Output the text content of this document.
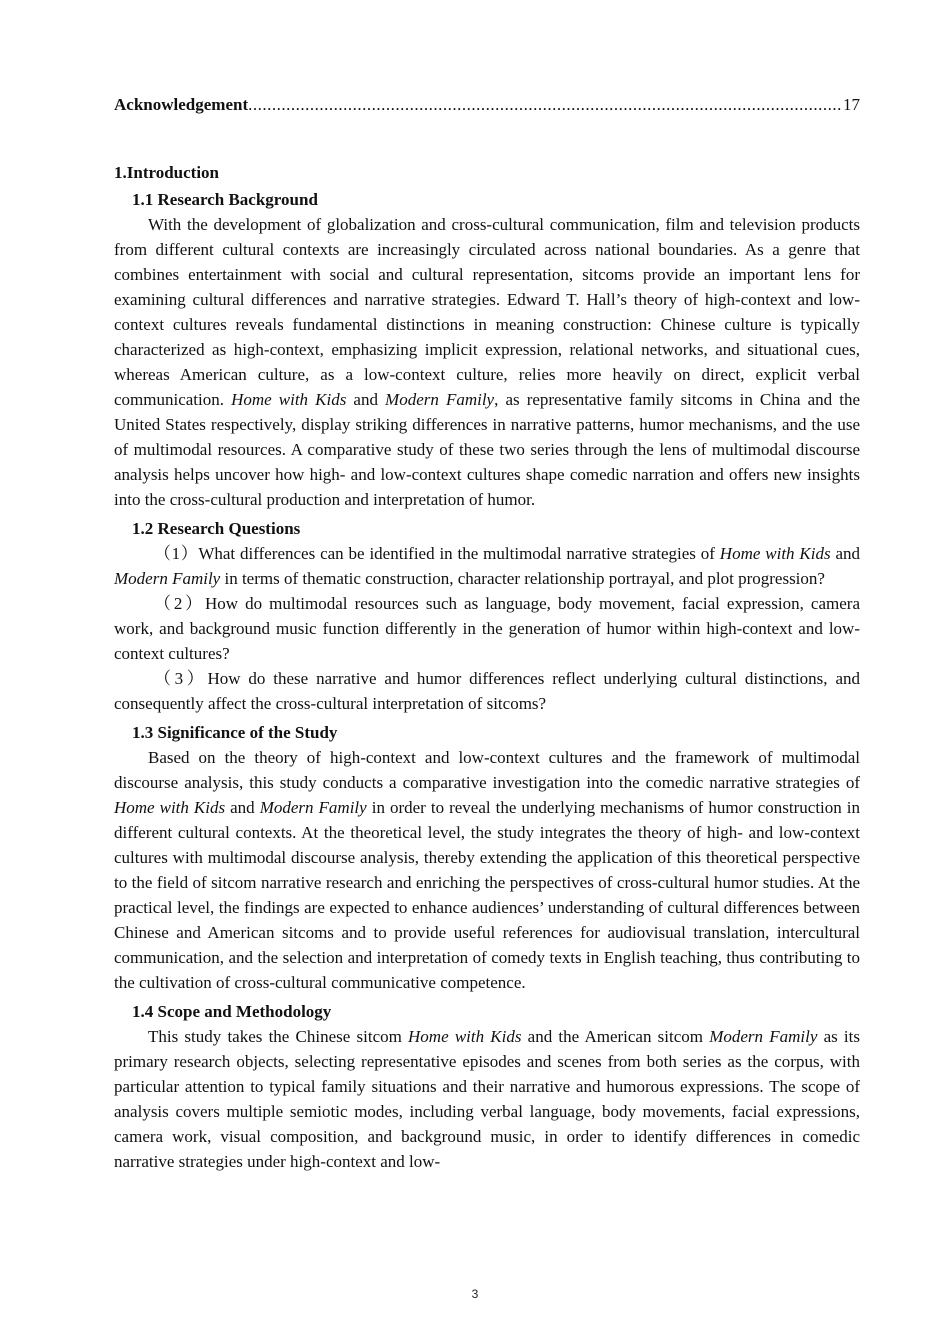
Acknowledgement
.....	17

1.Introduction

1.1 Research Background

With the development of globalization and cross-cultural communication, film and television products from different cultural contexts are increasingly circulated across national boundaries. As a genre that combines entertainment with social and cultural representation, sitcoms provide an important lens for examining cultural differences and narrative strategies. Edward T. Hall’s theory of high-context and low-context cultures reveals fundamental distinctions in meaning construction: Chinese culture is typically characterized as high-context, emphasizing implicit expression, relational networks, and situational cues, whereas American culture, as a low-context culture, relies more heavily on direct, explicit verbal communication. Home with Kids and Modern Family, as representative family sitcoms in China and the United States respectively, display striking differences in narrative patterns, humor mechanisms, and the use of multimodal resources. A comparative study of these two series through the lens of multimodal discourse analysis helps uncover how high- and low-context cultures shape comedic narration and offers new insights into the cross-cultural production and interpretation of humor.

1.2 Research Questions

（1）What differences can be identified in the multimodal narrative strategies of Home with Kids and Modern Family in terms of thematic construction, character relationship portrayal, and plot progression?

（2）How do multimodal resources such as language, body movement, facial expression, camera work, and background music function differently in the generation of humor within high-context and low-context cultures?

（3）How do these narrative and humor differences reflect underlying cultural distinctions, and consequently affect the cross-cultural interpretation of sitcoms?

1.3 Significance of the Study

Based on the theory of high-context and low-context cultures and the framework of multimodal discourse analysis, this study conducts a comparative investigation into the comedic narrative strategies of Home with Kids and Modern Family in order to reveal the underlying mechanisms of humor construction in different cultural contexts. At the theoretical level, the study integrates the theory of high- and low-context cultures with multimodal discourse analysis, thereby extending the application of this theoretical perspective to the field of sitcom narrative research and enriching the perspectives of cross-cultural humor studies. At the practical level, the findings are expected to enhance audiences’ understanding of cultural differences between Chinese and American sitcoms and to provide useful references for audiovisual translation, intercultural communication, and the selection and interpretation of comedy texts in English teaching, thus contributing to the cultivation of cross-cultural communicative competence.

1.4 Scope and Methodology

This study takes the Chinese sitcom Home with Kids and the American sitcom Modern Family as its primary research objects, selecting representative episodes and scenes from both series as the corpus, with particular attention to typical family situations and their narrative and humorous expressions. The scope of analysis covers multiple semiotic modes, including verbal language, body movements, facial expressions, camera work, visual composition, and background music, in order to identify differences in comedic narrative strategies under high-context and low-

3
